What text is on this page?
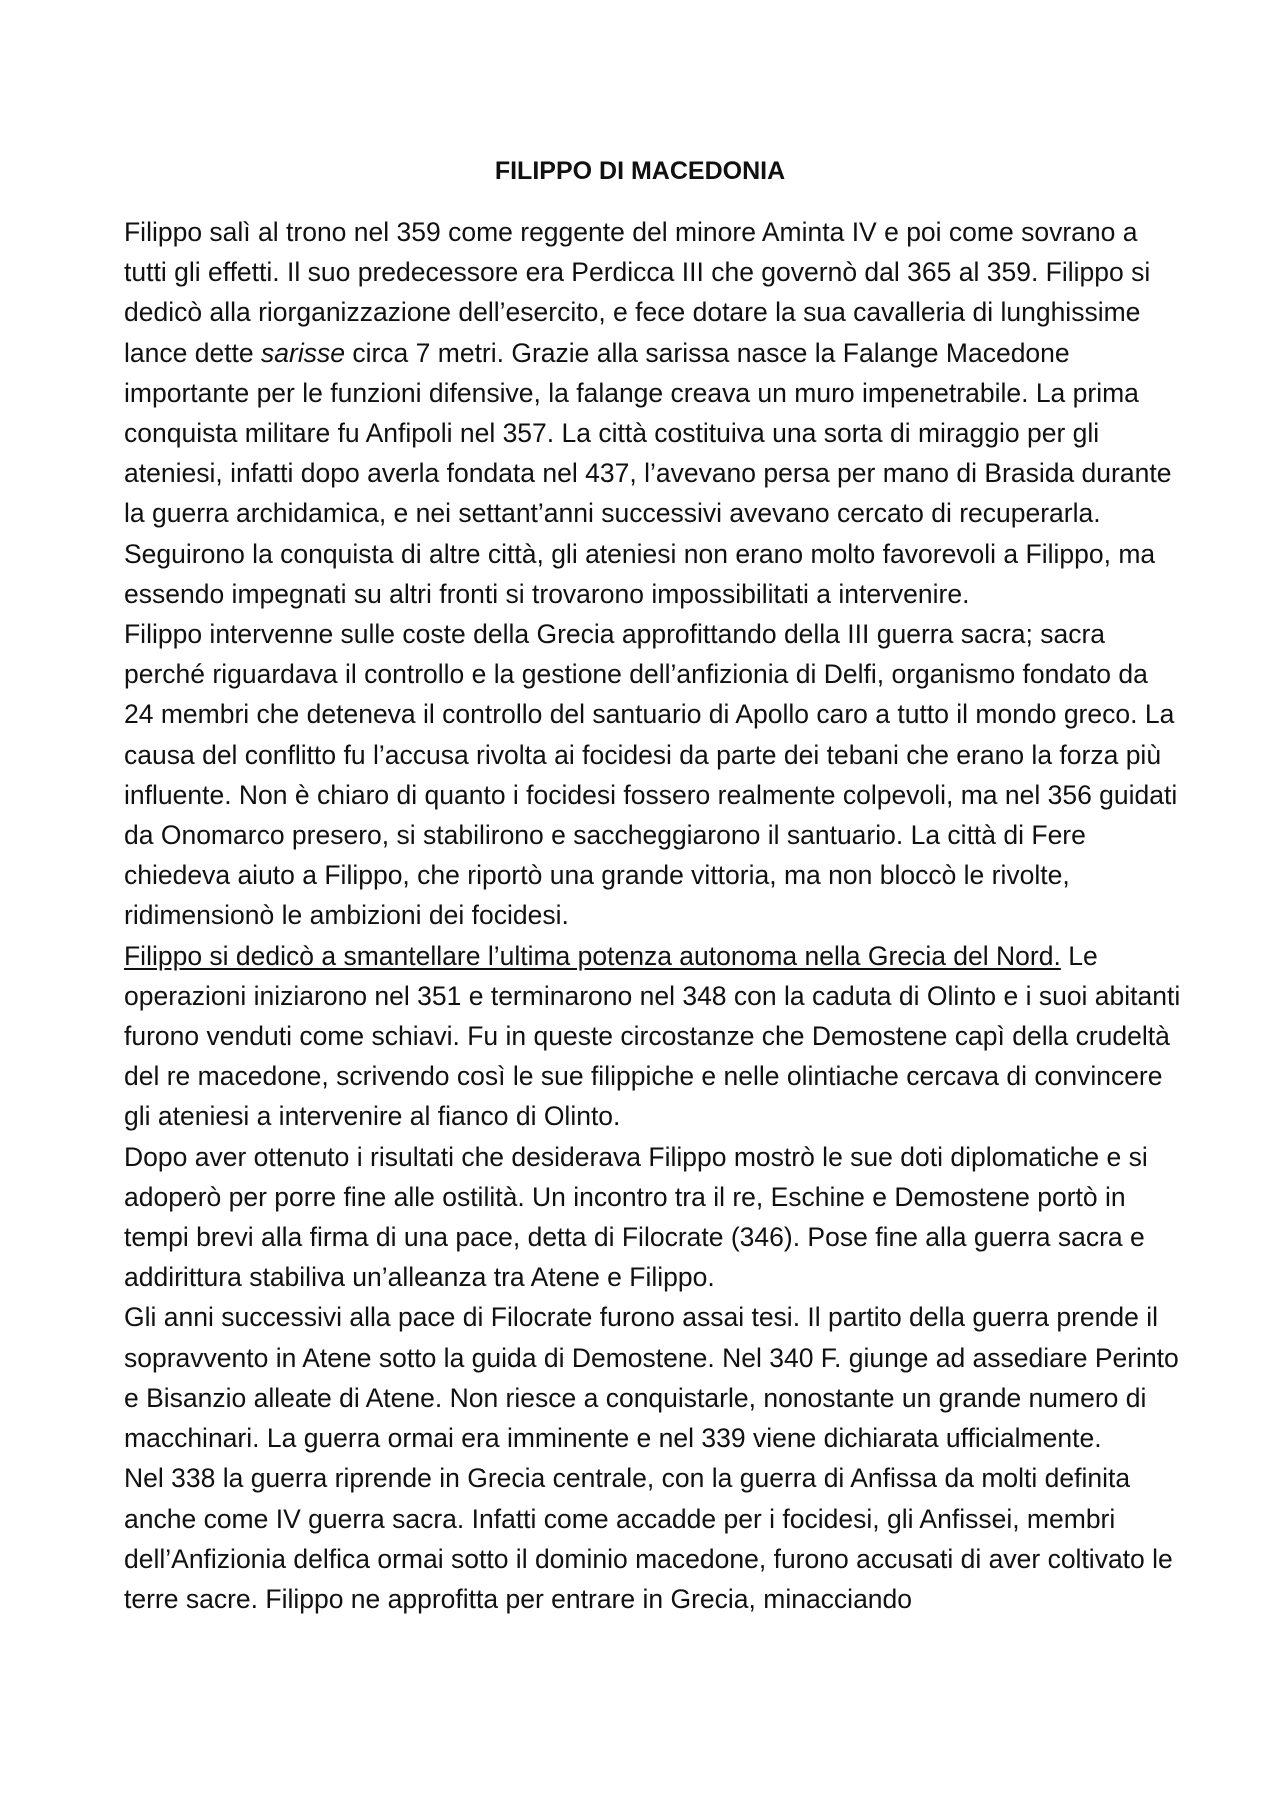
FILIPPO DI MACEDONIA

Filippo salì al trono nel 359 come reggente del minore Aminta IV e poi come sovrano a tutti gli effetti. Il suo predecessore era Perdicca III che governò dal 365 al 359. Filippo si dedicò alla riorganizzazione dell’esercito, e fece dotare la sua cavalleria di lunghissime lance dette sarisse circa 7 metri. Grazie alla sarissa nasce la Falange Macedone importante per le funzioni difensive, la falange creava un muro impenetrabile. La prima conquista militare fu Anfipoli nel 357. La città costituiva una sorta di miraggio per gli ateniesi, infatti dopo averla fondata nel 437, l’avevano persa per mano di Brasida durante la guerra archidamica, e nei settant’anni successivi avevano cercato di recuperarla. Seguirono la conquista di altre città, gli ateniesi non erano molto favorevoli a Filippo, ma essendo impegnati su altri fronti si trovarono impossibilitati a intervenire.

Filippo intervenne sulle coste della Grecia approfittando della III guerra sacra; sacra perché riguardava il controllo e la gestione dell’anfizionia di Delfi, organismo fondato da 24 membri che deteneva il controllo del santuario di Apollo caro a tutto il mondo greco. La causa del conflitto fu l’accusa rivolta ai focidesi da parte dei tebani che erano la forza più influente. Non è chiaro di quanto i focidesi fossero realmente colpevoli, ma nel 356 guidati da Onomarco presero, si stabilirono e saccheggiarono il santuario. La città di Fere chiedeva aiuto a Filippo, che riportò una grande vittoria, ma non bloccò le rivolte, ridimensionò le ambizioni dei focidesi.

Filippo si dedicò a smantellare l’ultima potenza autonoma nella Grecia del Nord. Le operazioni iniziarono nel 351 e terminarono nel 348 con la caduta di Olinto e i suoi abitanti furono venduti come schiavi. Fu in queste circostanze che Demostene capì della crudeltà del re macedone, scrivendo così le sue filippiche e nelle olintiache cercava di convincere gli ateniesi a intervenire al fianco di Olinto.

Dopo aver ottenuto i risultati che desiderava Filippo mostrò le sue doti diplomatiche e si adoperò per porre fine alle ostilità. Un incontro tra il re, Eschine e Demostene portò in tempi brevi alla firma di una pace, detta di Filocrate (346). Pose fine alla guerra sacra e addirittura stabiliva un’alleanza tra Atene e Filippo.

Gli anni successivi alla pace di Filocrate furono assai tesi. Il partito della guerra prende il sopravvento in Atene sotto la guida di Demostene. Nel 340 F. giunge ad assediare Perinto e Bisanzio alleate di Atene. Non riesce a conquistarle, nonostante un grande numero di macchinari. La guerra ormai era imminente e nel 339 viene dichiarata ufficialmente.

Nel 338 la guerra riprende in Grecia centrale, con la guerra di Anfissa da molti definita anche come IV guerra sacra. Infatti come accadde per i focidesi, gli Anfissei, membri dell’Anfizionia delfica ormai sotto il dominio macedone, furono accusati di aver coltivato le terre sacre. Filippo ne approfitta per entrare in Grecia, minacciando
